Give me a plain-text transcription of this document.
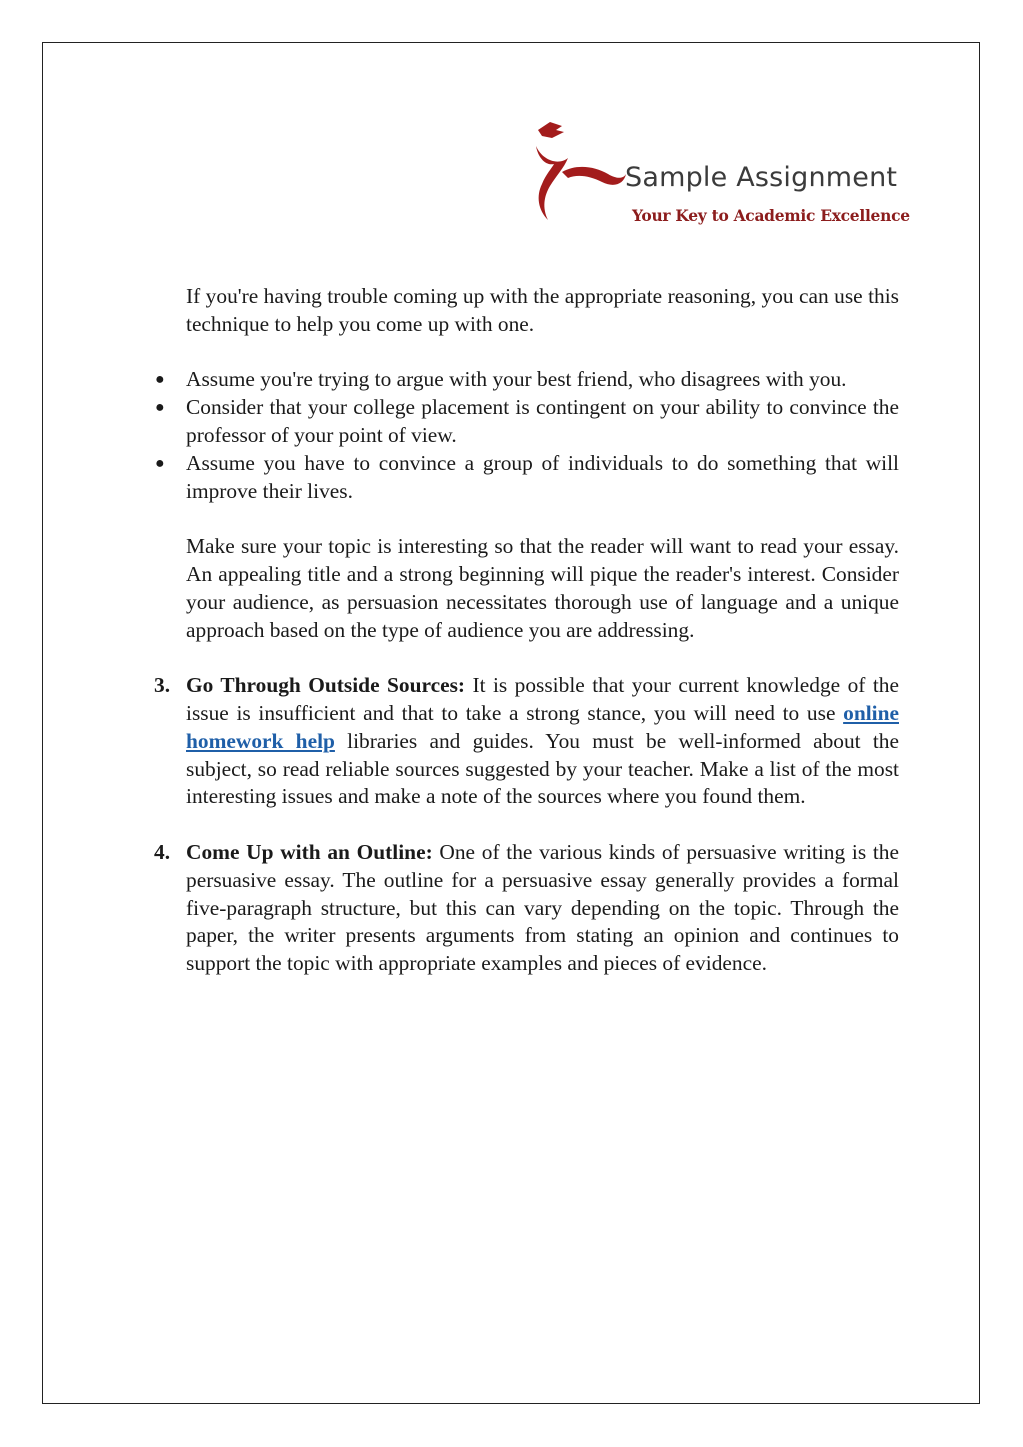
Sample Assignment
Your Key to Academic Excellence

If you're having trouble coming up with the appropriate reasoning, you can use this technique to help you come up with one.

● Assume you're trying to argue with your best friend, who disagrees with you.
● Consider that your college placement is contingent on your ability to convince the professor of your point of view.
● Assume you have to convince a group of individuals to do something that will improve their lives.

Make sure your topic is interesting so that the reader will want to read your essay. An appealing title and a strong beginning will pique the reader's interest. Consider your audience, as persuasion necessitates thorough use of language and a unique approach based on the type of audience you are addressing.

3. Go Through Outside Sources: It is possible that your current knowledge of the issue is insufficient and that to take a strong stance, you will need to use online homework help libraries and guides. You must be well-informed about the subject, so read reliable sources suggested by your teacher. Make a list of the most interesting issues and make a note of the sources where you found them.

4. Come Up with an Outline: One of the various kinds of persuasive writing is the persuasive essay. The outline for a persuasive essay generally provides a formal five-paragraph structure, but this can vary depending on the topic. Through the paper, the writer presents arguments from stating an opinion and continues to support the topic with appropriate examples and pieces of evidence.
